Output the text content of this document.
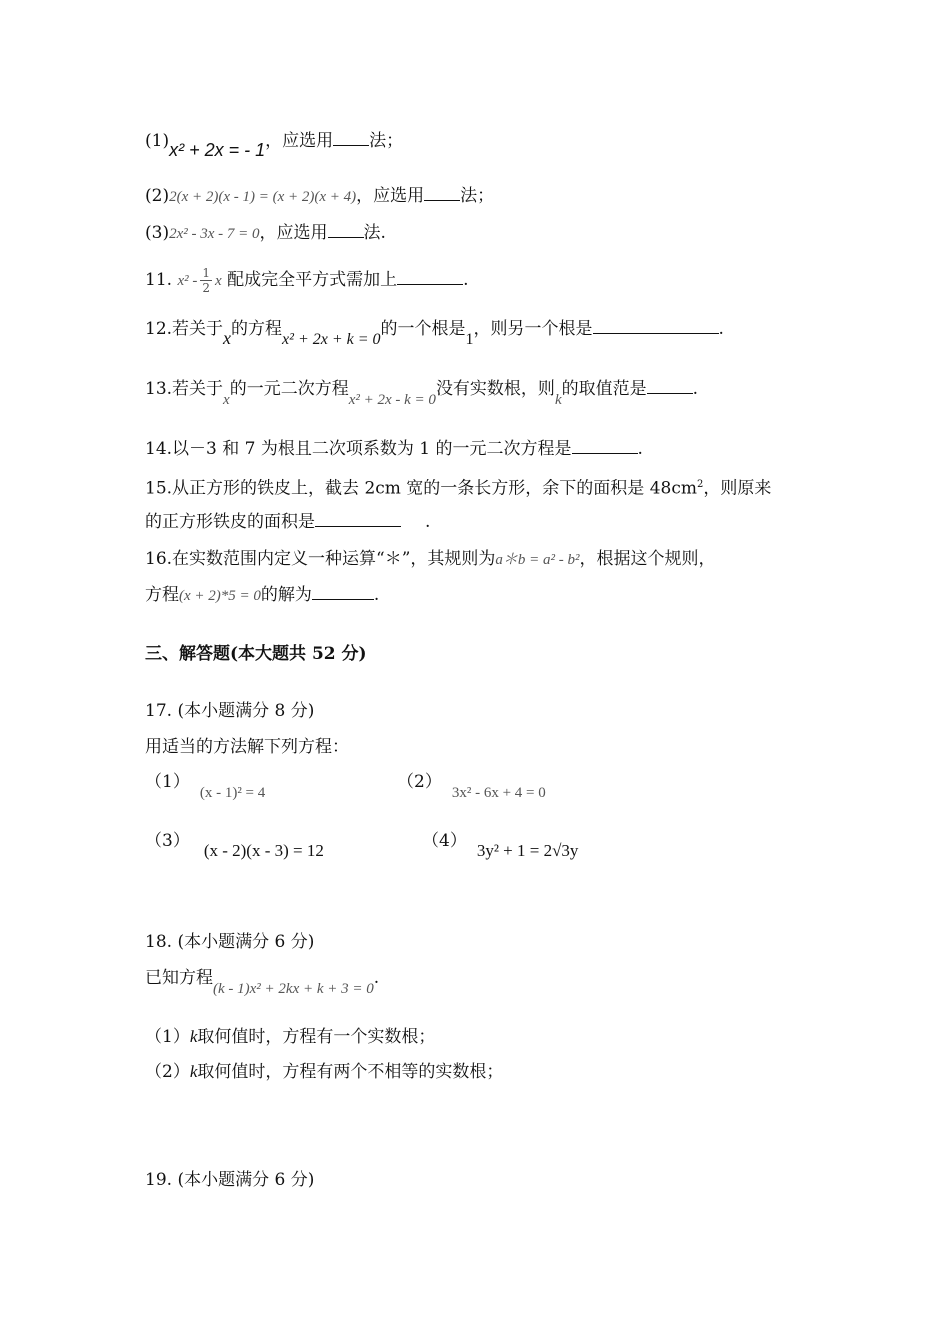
(1)x² + 2x = - 1，应选用 法；
(2)2(x + 2)(x - 1) = (x + 2)(x + 4)，应选用 法；
(3)2x² - 3x - 7 = 0，应选用 法.
11. $x^2 - \frac{1}{2}$ x 配成完全平方式需加上	.
12.若关于x的方程x² + 2x + k = 0的一个根是1，则另一个根是	.
13.若关于x的一元二次方程x² + 2x - k = 0没有实数根，则k的取值范是	.
14.以－3 和 7 为根且二次项系数为 1 的一元二次方程是	.
15.从正方形的铁皮上，截去 2cm 宽的一条长方形，余下的面积是 $48cm^2$，则原来
的正方形铁皮的面积是	.
16.在实数范围内定义一种运算“＊”，其规则为a＊b = a² - b²，根据这个规则，
方程(x + 2)*5 = 0的解为	.
三、解答题(本大题共 52 分)
17. (本小题满分 8 分)
用适当的方法解下列方程：
（1）(x - 1)² = 4
（2）3x² - 6x + 4 = 0
（3） (x - 2)(x - 3) = 12	（4） 3y² + 1 = 2√3y
18. (本小题满分 6 分)
已知方程(k - 1)x² + 2kx + k + 3 = 0.
（1）k取何值时，方程有一个实数根；
（2）k取何值时，方程有两个不相等的实数根；
19. (本小题满分 6 分)
